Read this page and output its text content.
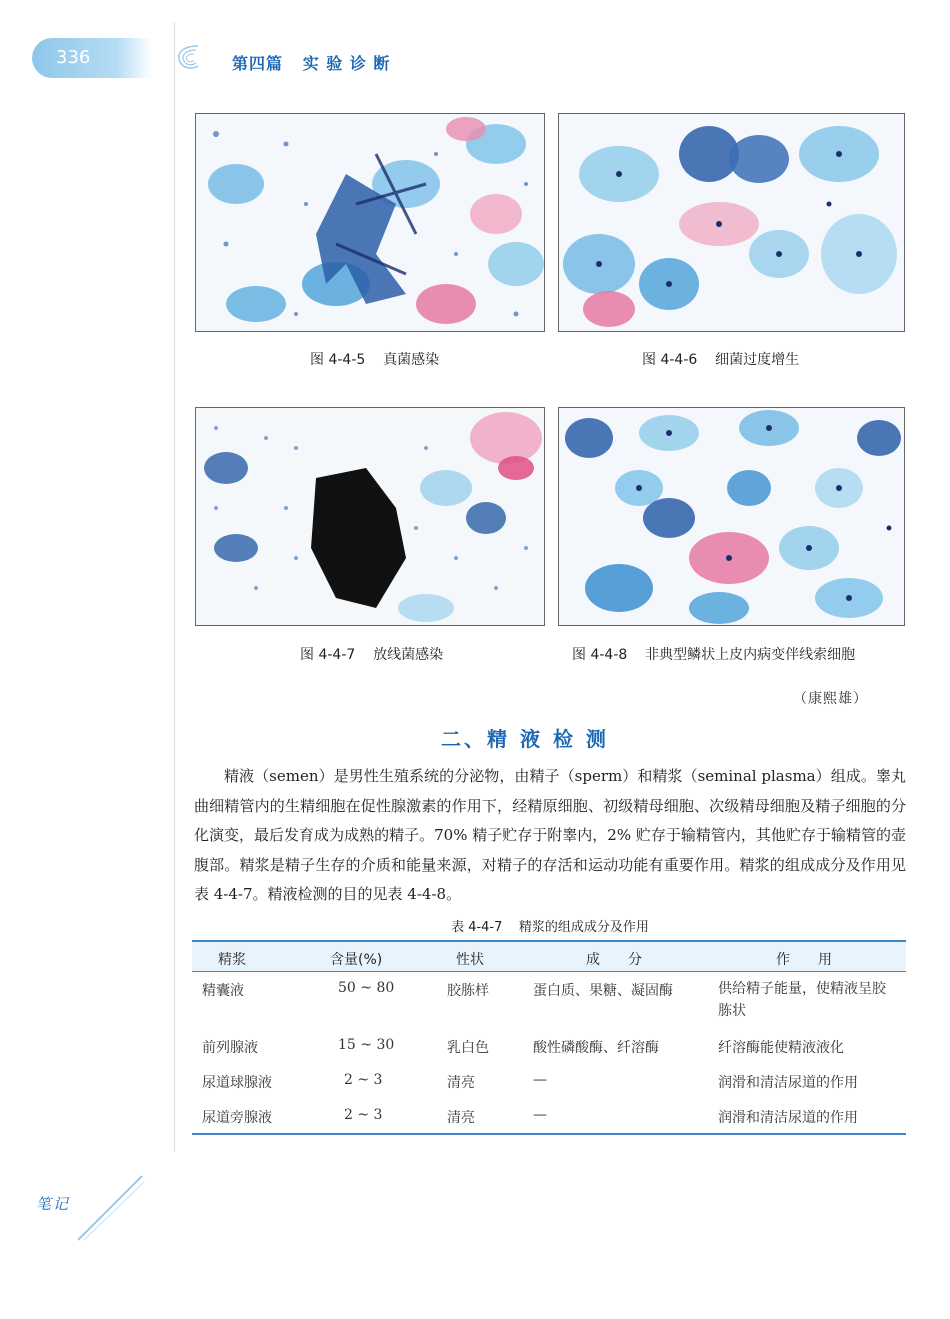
336	第四篇   实 验 诊 断
图 4-4-5    真菌感染	图 4-4-6    细菌过度增生
图 4-4-7    放线菌感染	图 4-4-8    非典型鳞状上皮内病变伴线索细胞
（康熙雄）
二、精 液 检 测

精液（semen）是男性生殖系统的分泌物，由精子（sperm）和精浆（seminal plasma）组成。睾丸曲细精管内的生精细胞在促性腺激素的作用下，经精原细胞、初级精母细胞、次级精母细胞及精子细胞的分化演变，最后发育成为成熟的精子。70% 精子贮存于附睾内，2% 贮存于输精管内，其他贮存于输精管的壶腹部。精浆是精子生存的介质和能量来源，对精子的存活和运动功能有重要作用。精浆的组成成分及作用见表 4-4-7。精液检测的目的见表 4-4-8。

表 4-4-7    精浆的组成成分及作用
精浆	含量(%)	性状	成　　分	作　　用
精囊液	50 ~ 80	胶胨样	蛋白质、果糖、凝固酶	供给精子能量，使精液呈胶胨状
前列腺液	15 ~ 30	乳白色	酸性磷酸酶、纤溶酶	纤溶酶能使精液液化
尿道球腺液	2 ~ 3	清亮	—	润滑和清洁尿道的作用
尿道旁腺液	2 ~ 3	清亮	—	润滑和清洁尿道的作用
笔记
